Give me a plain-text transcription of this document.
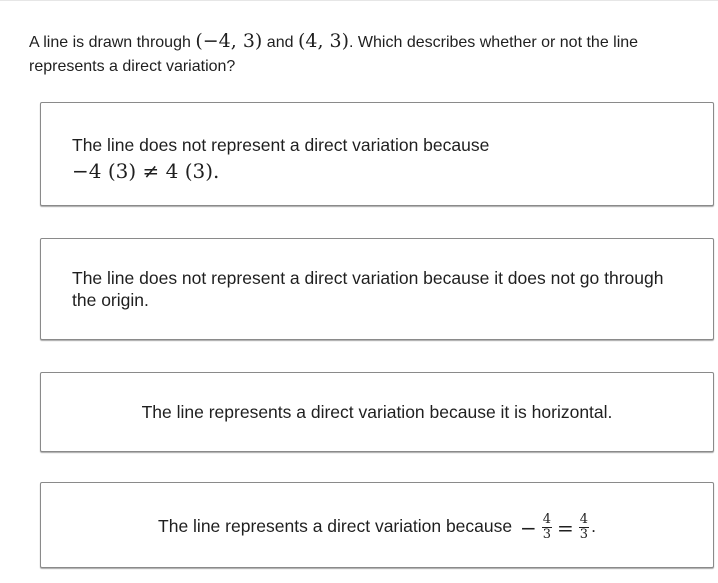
A line is drawn through (−4, 3) and (4, 3). Which describes whether or not the line represents a direct variation?
The line does not represent a direct variation because
−4 (3) ≠ 4 (3).
The line does not represent a direct variation because it does not go through the origin.
The line represents a direct variation because it is horizontal.
The line represents a direct variation because − $\frac{4}{3} = \frac{4}{3}$ .
